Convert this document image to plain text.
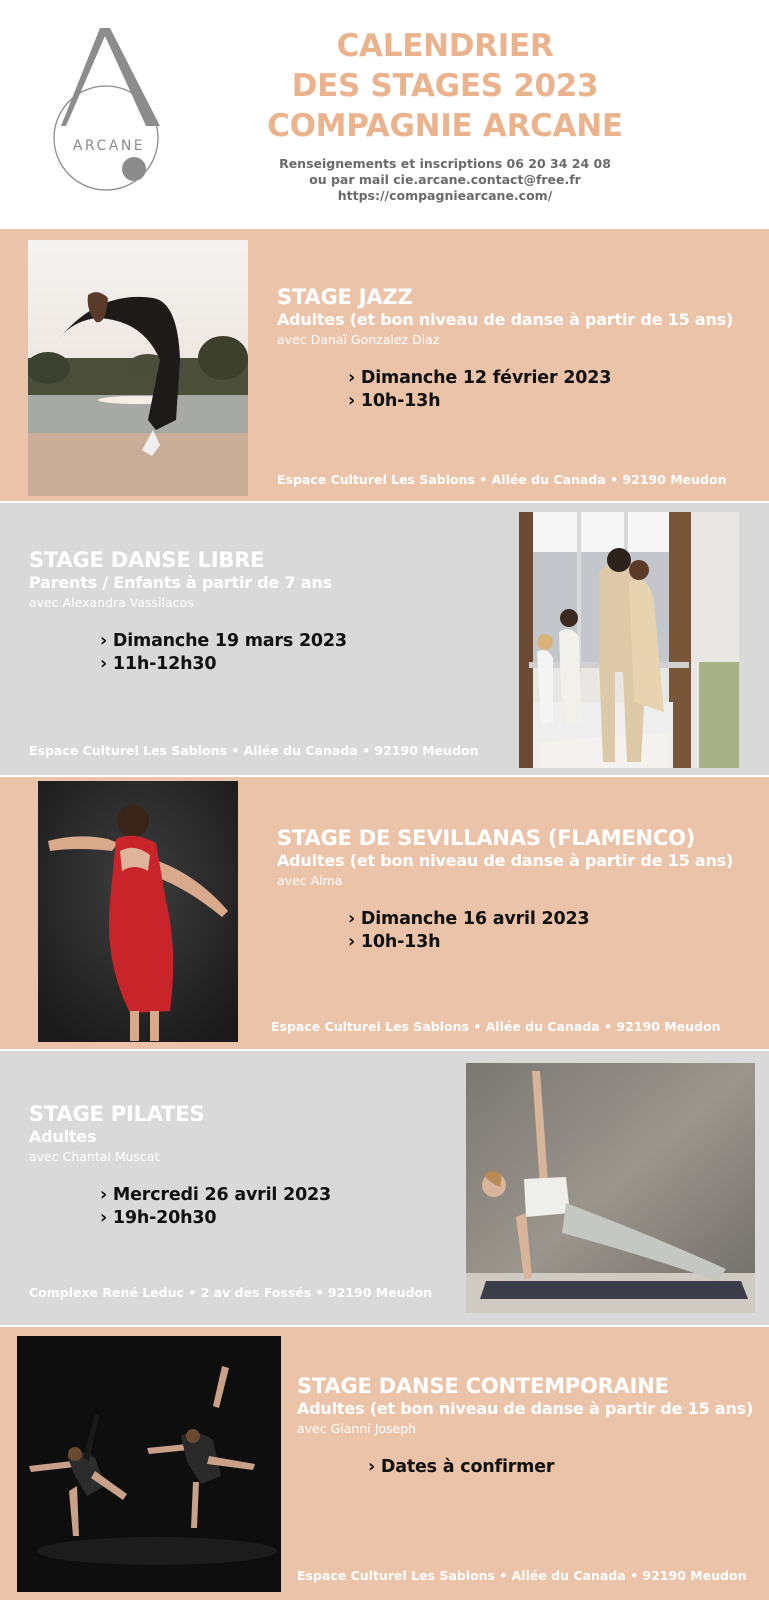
ARCANE
CALENDRIER
DES STAGES 2023
COMPAGNIE ARCANE
Renseignements et inscriptions 06 20 34 24 08
ou par mail cie.arcane.contact@free.fr
https://compagniearcane.com/
STAGE JAZZ
Adultes (et bon niveau de danse à partir de 15 ans)
avec Danaï Gonzalez Diaz
› Dimanche 12 février 2023
› 10h-13h
Espace Culturel Les Sablons • Allée du Canada • 92190 Meudon
STAGE DANSE LIBRE
Parents / Enfants à partir de 7 ans
avec Alexandra Vassilacos
› Dimanche 19 mars 2023
› 11h-12h30
Espace Culturel Les Sablons • Allée du Canada • 92190 Meudon
STAGE DE SEVILLANAS (FLAMENCO)
Adultes (et bon niveau de danse à partir de 15 ans)
avec Alma
› Dimanche 16 avril 2023
› 10h-13h
Espace Culturel Les Sablons • Allée du Canada • 92190 Meudon
STAGE PILATES
Adultes
avec Chantal Muscat
› Mercredi 26 avril 2023
› 19h-20h30
Complexe René Leduc • 2 av des Fossés • 92190 Meudon
STAGE DANSE CONTEMPORAINE
Adultes (et bon niveau de danse à partir de 15 ans)
avec Gianni Joseph
› Dates à confirmer
Espace Culturel Les Sablons • Allée du Canada • 92190 Meudon
